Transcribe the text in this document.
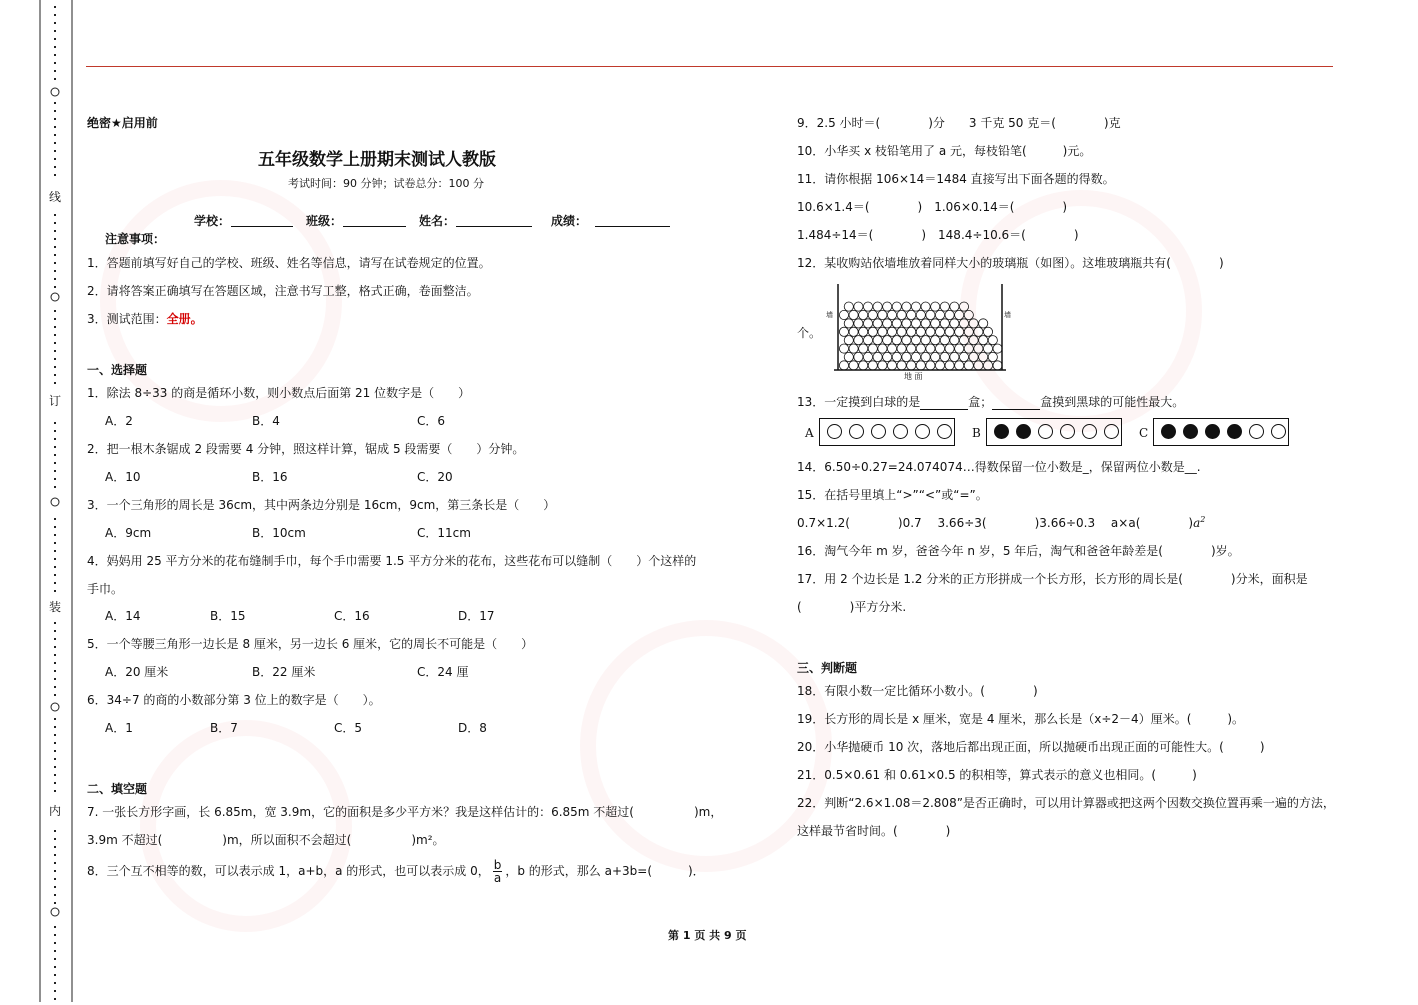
线
订
装
内
绝密★启用前
五年级数学上册期末测试人教版
考试时间：90 分钟；试卷总分：100 分
学校：	班级：	姓名：	成绩：
注意事项：
1．答题前填写好自己的学校、班级、姓名等信息，请写在试卷规定的位置。
2．请将答案正确填写在答题区域，注意书写工整，格式正确，卷面整洁。
3．测试范围：全册。
一、选择题
1．除法 8÷33 的商是循环小数，则小数点后面第 21 位数字是（　　）
A．2	B．4	C．6
2．把一根木条锯成 2 段需要 4 分钟，照这样计算，锯成 5 段需要（　　）分钟。
A．10	B．16	C．20
3．一个三角形的周长是 36cm，其中两条边分别是 16cm，9cm，第三条长是（　　）
A．9cm	B．10cm	C．11cm
4．妈妈用 25 平方分米的花布缝制手巾，每个手巾需要 1.5 平方分米的花布，这些花布可以缝制（　　）个这样的
手巾。
A．14	B．15	C．16	D．17
5．一个等腰三角形一边长是 8 厘米，另一边长 6 厘米，它的周长不可能是（　　）
A．20 厘米	B．22 厘米	C．24 厘
6．34÷7 的商的小数部分第 3 位上的数字是（　　）。
A．1	B．7	C．5	D．8
二、填空题
7. 一张长方形字画，长 6.85m，宽 3.9m，它的面积是多少平方米？我是这样估计的：6.85m 不超过(　　　　　)m，
3.9m 不超过(　　　　　)m，所以面积不会超过(　　　　　)m²。
8．三个互不相等的数，可以表示成 1，a+b，a 的形式，也可以表示成 0， $\frac{b}{a}$ ，b 的形式，那么 a+3b=(　　　)．
9．2.5 小时＝(　　　　)分　　3 千克 50 克＝(　　　　)克
10．小华买 x 枝铅笔用了 a 元，每枝铅笔(　　　)元。
11．请你根据 106×14＝1484 直接写出下面各题的得数。
10.6×1.4＝(　　　　)　1.06×0.14＝(　　　　)
1.484÷14＝(　　　　)　148.4÷10.6＝(　　　　)
12．某收购站依墙堆放着同样大小的玻璃瓶（如图）。这堆玻璃瓶共有(　　　　)
个。
墙	墙
地 面
13．一定摸到白球的是	盒；	盒摸到黑球的可能性最大。
A	B	C
14．6.50÷0.27=24.074074…得数保留一位小数是_，保留两位小数是__.
15．在括号里填上“>”“<”或“=”。
0.7×1.2(　　　　)0.7　 3.66÷3(　　　　)3.66÷0.3　 a×a(　　　　)$a^2$
16．淘气今年 m 岁，爸爸今年 n 岁，5 年后，淘气和爸爸年龄差是(　　　　)岁。
17．用 2 个边长是 1.2 分米的正方形拼成一个长方形，长方形的周长是(　　　　)分米，面积是
(　　　　)平方分米.
三、判断题
18．有限小数一定比循环小数小。(　　　　)
19．长方形的周长是 x 厘米，宽是 4 厘米，那么长是（x÷2－4）厘米。(　　　)。
20．小华抛硬币 10 次，落地后都出现正面，所以抛硬币出现正面的可能性大。(　　　)
21．0.5×0.61 和 0.61×0.5 的积相等，算式表示的意义也相同。(　　　)
22．判断“2.6×1.08＝2.808”是否正确时，可以用计算器或把这两个因数交换位置再乘一遍的方法，
这样最节省时间。(　　　　)
第 1 页 共 9 页
